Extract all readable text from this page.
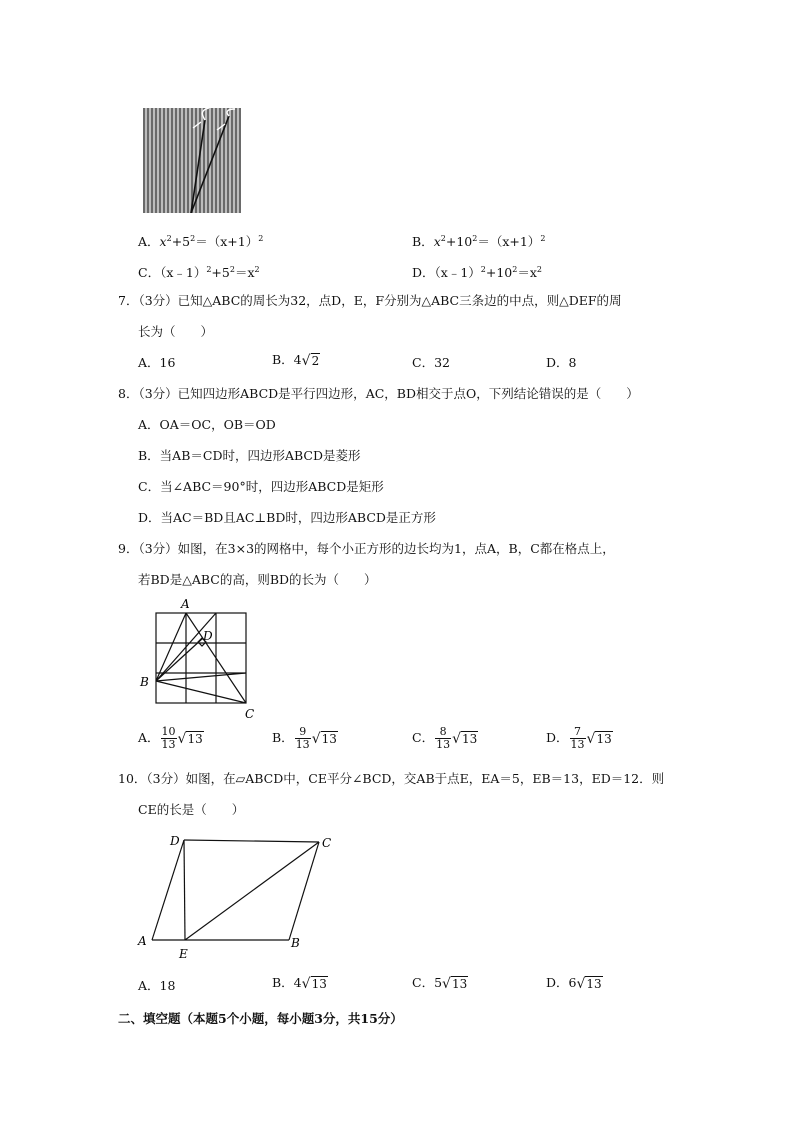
A．$x^2+5^2=(x+1)^2$	B．$x^2+10^2=(x+1)^2$
C．$(x﹣1)^2+5^2=x^2$	D．$(x﹣1)^2+10^2=x^2$
7．（3分）已知△ABC的周长为32，点D，E，F分别为△ABC三条边的中点，则△DEF的周
长为（　　）
A．16	B．4√2	C．32	D．8
8．（3分）已知四边形ABCD是平行四边形，AC，BD相交于点O，下列结论错误的是（　　）
A．OA＝OC，OB＝OD
B．当AB＝CD时，四边形ABCD是菱形
C．当∠ABC＝90°时，四边形ABCD是矩形
D．当AC＝BD且AC⊥BD时，四边形ABCD是正方形
9．（3分）如图，在3×3的网格中，每个小正方形的边长均为1，点A，B，C都在格点上，
若BD是△ABC的高，则BD的长为（　　）
A
D
B
C
A． $\frac{10}{13} √13$	B． $\frac{9}{13} √13$	C． $\frac{8}{13} √13$	D． $\frac{7}{13} √13$
10．（3分）如图，在▱ABCD中，CE平分∠BCD，交AB于点E，EA＝5，EB＝13，ED＝12．则
CE的长是（　　）
D	C
A
E
B
A．18	B．4√13	C．5√13	D．6√13
二、填空题（本题5个小题，每小题3分，共15分）
